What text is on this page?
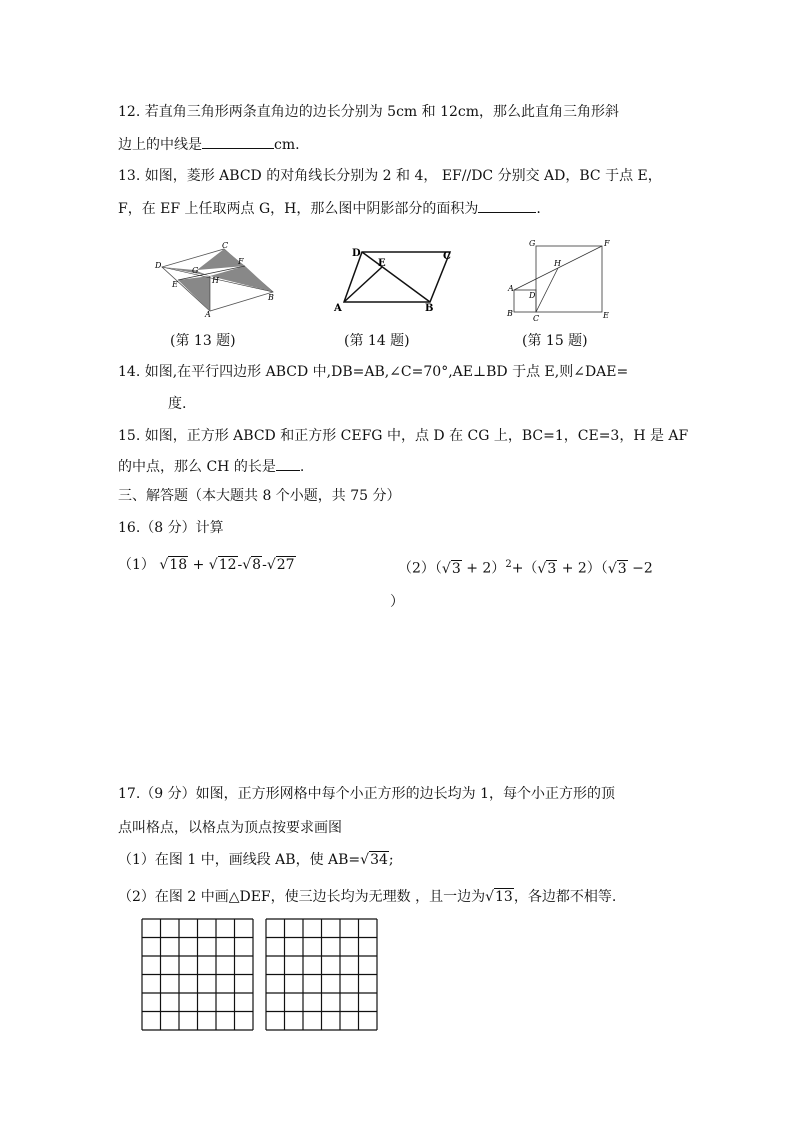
12. 若直角三角形两条直角边的边长分别为 5cm 和 12cm，那么此直角三角形斜
边上的中线是	cm.
13. 如图，菱形 ABCD 的对角线长分别为 2 和 4， EF//DC 分别交 AD，BC 于点 E，
F，在 EF 上任取两点 G，H，那么图中阴影部分的面积为	.
D
C
F
G
H
E
A
B
(第 13 题)
D
E
C
A	B
(第 14 题)
G	F
H
A
D
B
C	E
(第 15 题)
14. 如图,在平行四边形 ABCD 中,DB=AB,∠C=70°,AE⊥BD 于点 E,则∠DAE=
度.
15. 如图，正方形 ABCD 和正方形 CEFG 中，点 D 在 CG 上，BC=1，CE=3，H 是 AF
的中点，那么 CH 的长是 .
三、解答题（本大题共 8 个小题，共 75 分）
16.（8 分）计算
（1） √18 + √12-√8-√27	$(2)(√3 + 2)^2+(√3 + 2)(√3 -2$
）
17.（9 分）如图，正方形网格中每个小正方形的边长均为 1，每个小正方形的顶
点叫格点，以格点为顶点按要求画图
（1）在图 1 中，画线段 AB，使 AB=√34;
（2）在图 2 中画△DEF，使三边长均为无理数 ，且一边为√13，各边都不相等.
